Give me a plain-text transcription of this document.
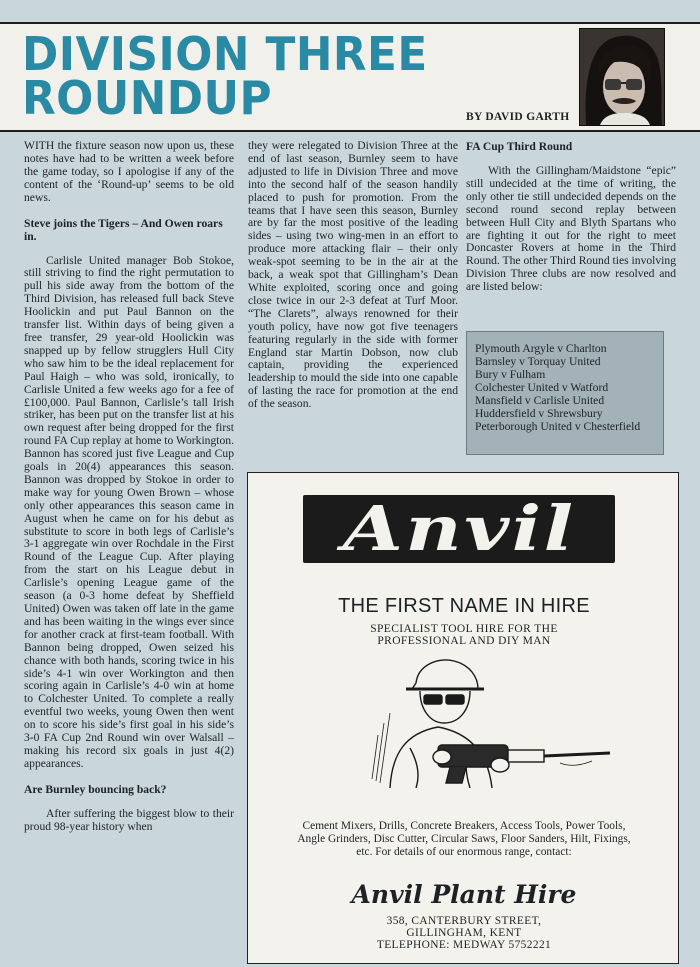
DIVISION THREE
ROUNDUP	BY DAVID GARTH

WITH the fixture season now upon us, these notes have had to be written a week before the game today, so I apologise if any of the content of the ‘Round-up’ seems to be old news.

Steve joins the Tigers – And Owen roars in.

Carlisle United manager Bob Stokoe, still striving to find the right permutation to pull his side away from the bottom of the Third Division, has released full back Steve Hoolickin and put Paul Bannon on the transfer list. Within days of being given a free transfer, 29 year-old Hoolickin was snapped up by fellow strugglers Hull City who saw him to be the ideal replacement for Paul Haigh – who was sold, ironically, to Carlisle United a few weeks ago for a fee of £100,000. Paul Bannon, Carlisle’s tall Irish striker, has been put on the transfer list at his own request after being dropped for the first round FA Cup replay at home to Workington. Bannon has scored just five League and Cup goals in 20(4) appearances this season. Bannon was dropped by Stokoe in order to make way for young Owen Brown – whose only other appearances this season came in August when he came on for his debut as substitute to score in both legs of Carlisle’s 3-1 aggregate win over Rochdale in the First Round of the League Cup. After playing from the start on his League debut in Carlisle’s opening League game of the season (a 0-3 home defeat by Sheffield United) Owen was taken off late in the game and has been waiting in the wings ever since for another crack at first-team football. With Bannon being dropped, Owen seized his chance with both hands, scoring twice in his side’s 4-1 win over Workington and then scoring again in Carlisle’s 4-0 win at home to Colchester United. To complete a really eventful two weeks, young Owen then went on to score his side’s first goal in his side’s 3-0 FA Cup 2nd Round win over Walsall – making his record six goals in just 4(2) appearances.

Are Burnley bouncing back?

After suffering the biggest blow to their proud 98-year history when

they were relegated to Division Three at the end of last season, Burnley seem to have adjusted to life in Division Three and move into the second half of the season handily placed to push for promotion. From the teams that I have seen this season, Burnley are by far the most positive of the leading sides – using two wing-men in an effort to produce more attacking flair – their only weak-spot seeming to be in the air at the back, a weak spot that Gillingham’s Dean White exploited, scoring once and going close twice in our 2-3 defeat at Turf Moor. “The Clarets”, always renowned for their youth policy, have now got five teenagers featuring regularly in the side with former England star Martin Dobson, now club captain, providing the experienced leadership to mould the side into one capable of lasting the race for promotion at the end of the season.

FA Cup Third Round

With the Gillingham/Maidstone “epic” still undecided at the time of writing, the only other tie still undecided depends on the second round second replay between between Hull City and Blyth Spartans who are fighting it out for the right to meet Doncaster Rovers at home in the Third Round. The other Third Round ties involving Division Three clubs are now resolved and are listed below:

Plymouth Argyle v Charlton
Barnsley v Torquay United
Bury v Fulham
Colchester United v Watford
Mansfield v Carlisle United
Huddersfield v Shrewsbury
Peterborough United v Chesterfield
Anvil
THE FIRST NAME IN HIRE
SPECIALIST TOOL HIRE FOR THE
PROFESSIONAL AND DIY MAN
Cement Mixers, Drills, Concrete Breakers, Access Tools, Power Tools, Angle Grinders, Disc Cutter, Circular Saws, Floor Sanders, Hilt, Fixings, etc. For details of our enormous range, contact:
Anvil Plant Hire
358, CANTERBURY STREET,
GILLINGHAM, KENT
TELEPHONE: MEDWAY 5752221
